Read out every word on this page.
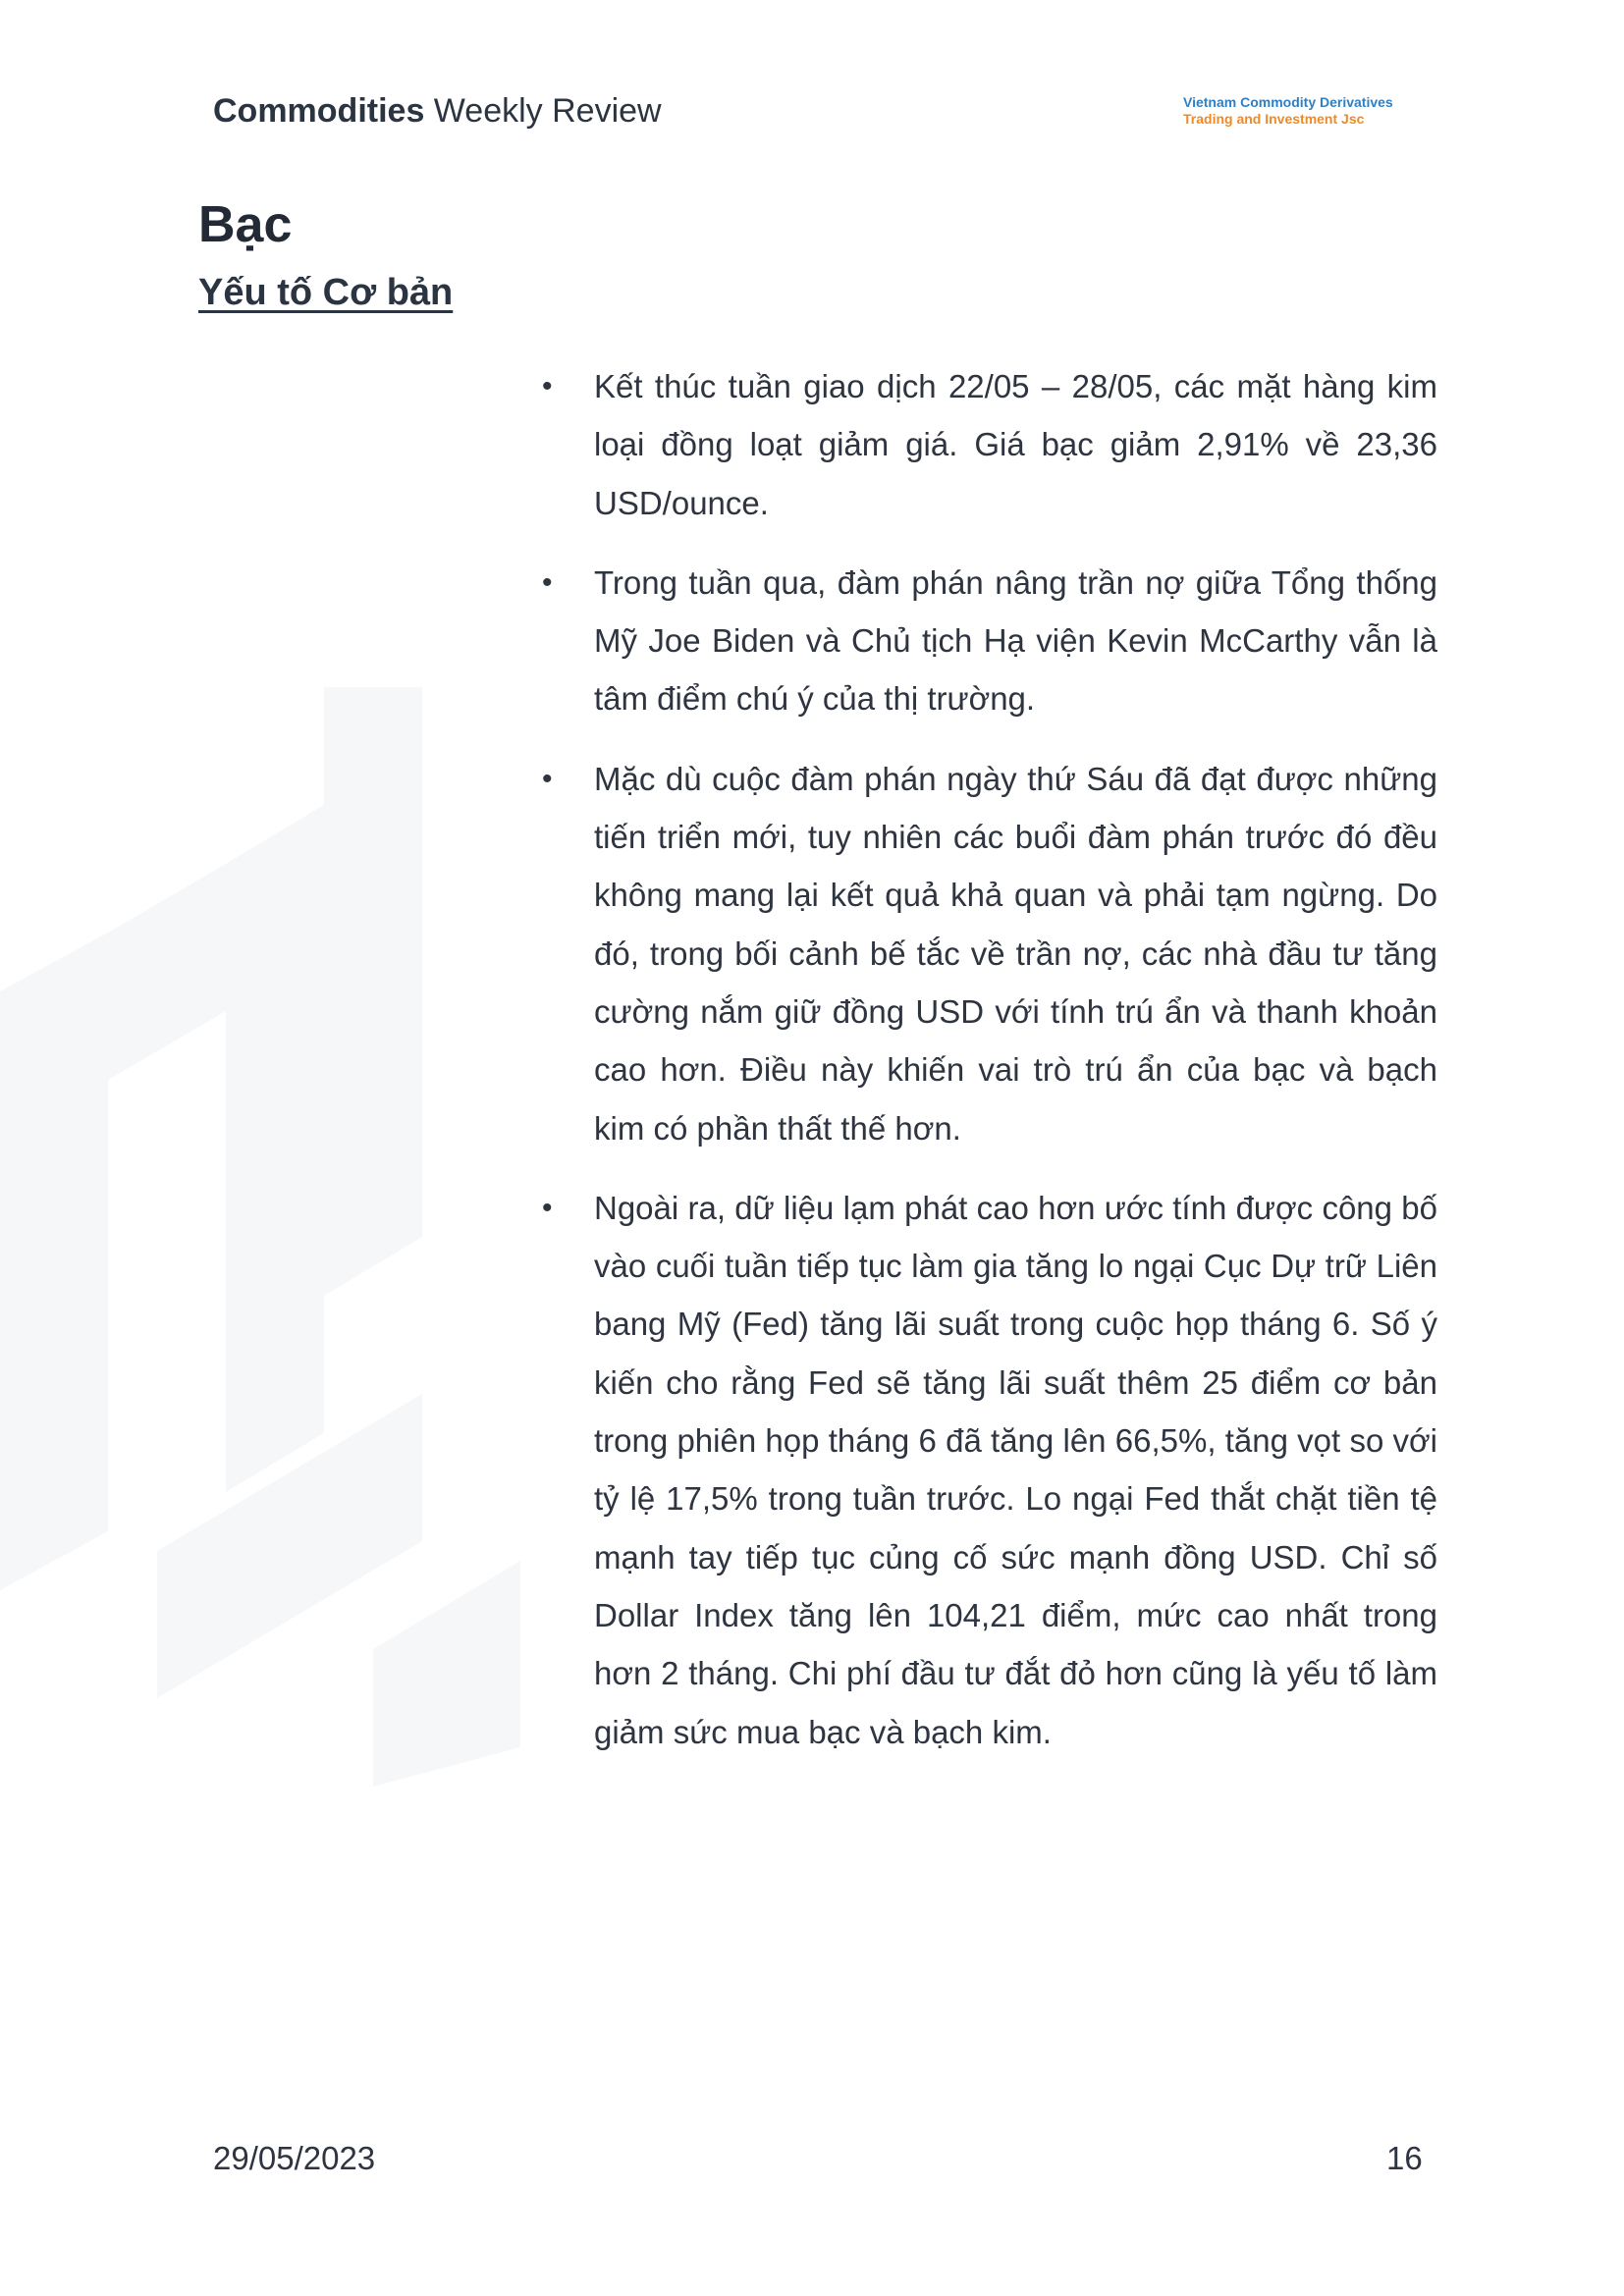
Commodities Weekly Review	Vietnam Commodity Derivatives
Trading and Investment Jsc
Bạc
Yếu tố Cơ bản
• Kết thúc tuần giao dịch 22/05 – 28/05, các mặt hàng kim loại đồng loạt giảm giá. Giá bạc giảm 2,91% về 23,36 USD/ounce.
• Trong tuần qua, đàm phán nâng trần nợ giữa Tổng thống Mỹ Joe Biden và Chủ tịch Hạ viện Kevin McCarthy vẫn là tâm điểm chú ý của thị trường.
• Mặc dù cuộc đàm phán ngày thứ Sáu đã đạt được những tiến triển mới, tuy nhiên các buổi đàm phán trước đó đều không mang lại kết quả khả quan và phải tạm ngừng. Do đó, trong bối cảnh bế tắc về trần nợ, các nhà đầu tư tăng cường nắm giữ đồng USD với tính trú ẩn và thanh khoản cao hơn. Điều này khiến vai trò trú ẩn của bạc và bạch kim có phần thất thế hơn.
• Ngoài ra, dữ liệu lạm phát cao hơn ước tính được công bố vào cuối tuần tiếp tục làm gia tăng lo ngại Cục Dự trữ Liên bang Mỹ (Fed) tăng lãi suất trong cuộc họp tháng 6. Số ý kiến cho rằng Fed sẽ tăng lãi suất thêm 25 điểm cơ bản trong phiên họp tháng 6 đã tăng lên 66,5%, tăng vọt so với tỷ lệ 17,5% trong tuần trước. Lo ngại Fed thắt chặt tiền tệ mạnh tay tiếp tục củng cố sức mạnh đồng USD. Chỉ số Dollar Index tăng lên 104,21 điểm, mức cao nhất trong hơn 2 tháng. Chi phí đầu tư đắt đỏ hơn cũng là yếu tố làm giảm sức mua bạc và bạch kim.
29/05/2023	16
